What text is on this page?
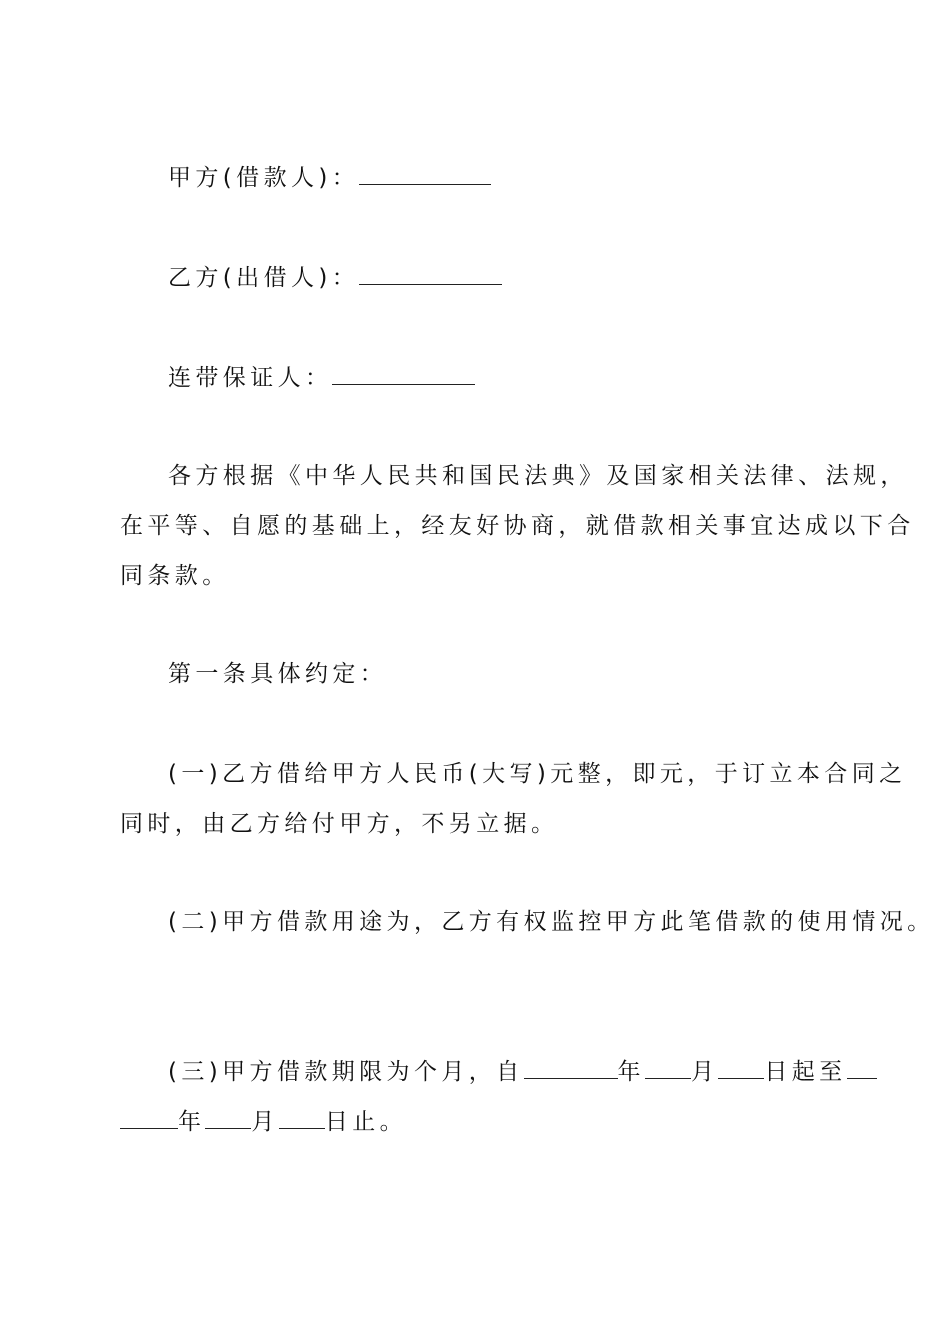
甲方(借款人)：
乙方(出借人)：
连带保证人：
各方根据《中华人民共和国民法典》及国家相关法律、法规，
在平等、自愿的基础上，经友好协商，就借款相关事宜达成以下合
同条款。
第一条具体约定：
(一)乙方借给甲方人民币(大写)元整，即元，于订立本合同之
同时，由乙方给付甲方，不另立据。
(二)甲方借款用途为，乙方有权监控甲方此笔借款的使用情况。
(三)甲方借款期限为个月，自	年 月 日起至
年 月 日止。
